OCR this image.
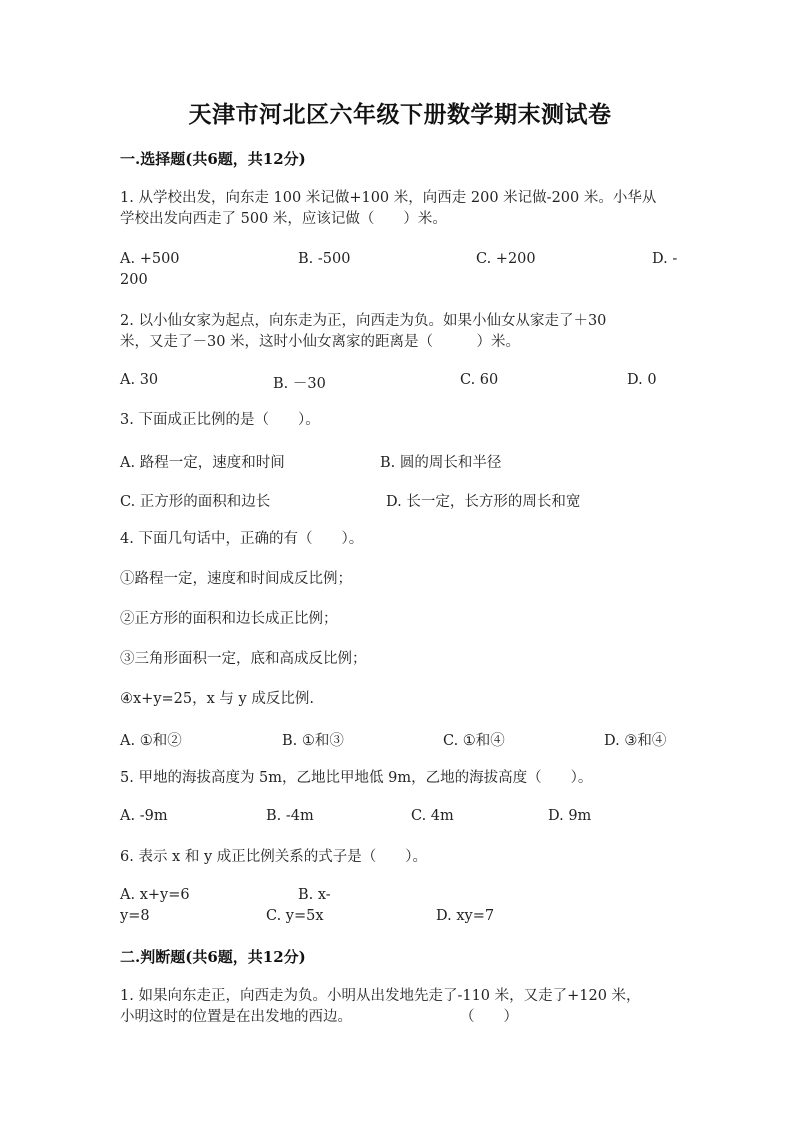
天津市河北区六年级下册数学期末测试卷
一.选择题(共6题，共12分)
1. 从学校出发，向东走 100 米记做+100 米，向西走 200 米记做-200 米。小华从
学校出发向西走了 500 米，应该记做（　　）米。
A. +500	B. -500	C. +200	D. -
200
2. 以小仙女家为起点，向东走为正，向西走为负。如果小仙女从家走了＋30
米，又走了－30 米，这时小仙女离家的距离是（　　　）米。
A. 30	B. －30	C. 60	D. 0
3. 下面成正比例的是（　　）。
A. 路程一定，速度和时间	B. 圆的周长和半径
C. 正方形的面积和边长	D. 长一定，长方形的周长和宽
4. 下面几句话中，正确的有（　　）。
①路程一定，速度和时间成反比例；
②正方形的面积和边长成正比例；
③三角形面积一定，底和高成反比例；
④x+y=25，x 与 y 成反比例.
A. ①和②	B. ①和③	C. ①和④	D. ③和④
5. 甲地的海拔高度为 5m，乙地比甲地低 9m，乙地的海拔高度（　　）。
A. -9m	B. -4m	C. 4m	D. 9m
6. 表示 x 和 y 成正比例关系的式子是（　　）。
A. x+y=6	B. x-
y=8	C. y=5x	D. xy=7
二.判断题(共6题，共12分)
1. 如果向东走正，向西走为负。小明从出发地先走了-110 米，又走了+120 米，
小明这时的位置是在出发地的西边。	（　　）
